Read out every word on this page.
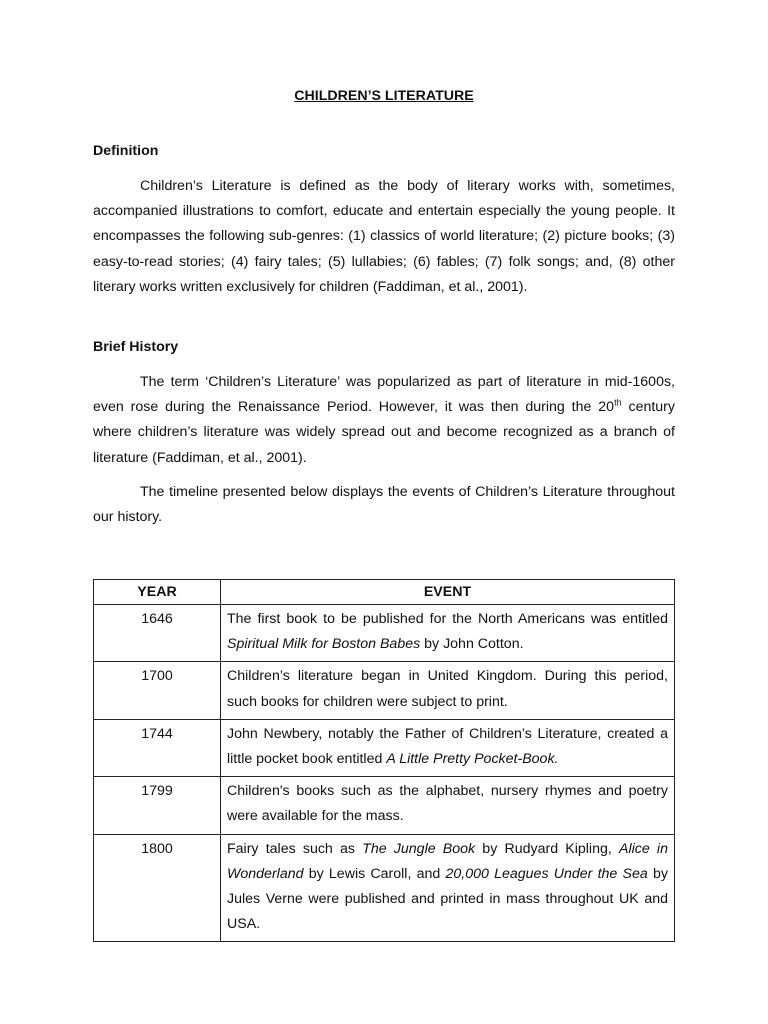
CHILDREN’S LITERATURE
Definition

Children’s Literature is defined as the body of literary works with, sometimes, accompanied illustrations to comfort, educate and entertain especially the young people. It encompasses the following sub-genres: (1) classics of world literature; (2) picture books; (3) easy-to-read stories; (4) fairy tales; (5) lullabies; (6) fables; (7) folk songs; and, (8) other literary works written exclusively for children (Faddiman, et al., 2001).

Brief History

The term ‘Children’s Literature’ was popularized as part of literature in mid-1600s, even rose during the Renaissance Period. However, it was then during the 20th century where children’s literature was widely spread out and become recognized as a branch of literature (Faddiman, et al., 2001).

The timeline presented below displays the events of Children’s Literature throughout our history.

YEAR	EVENT
1646	The first book to be published for the North Americans was entitled Spiritual Milk for Boston Babes by John Cotton.
1700	Children’s literature began in United Kingdom. During this period, such books for children were subject to print.
1744	John Newbery, notably the Father of Children’s Literature, created a little pocket book entitled A Little Pretty Pocket-Book.
1799	Children's books such as the alphabet, nursery rhymes and poetry were available for the mass.
1800	Fairy tales such as The Jungle Book by Rudyard Kipling, Alice in Wonderland by Lewis Caroll, and 20,000 Leagues Under the Sea by Jules Verne were published and printed in mass throughout UK and USA.
